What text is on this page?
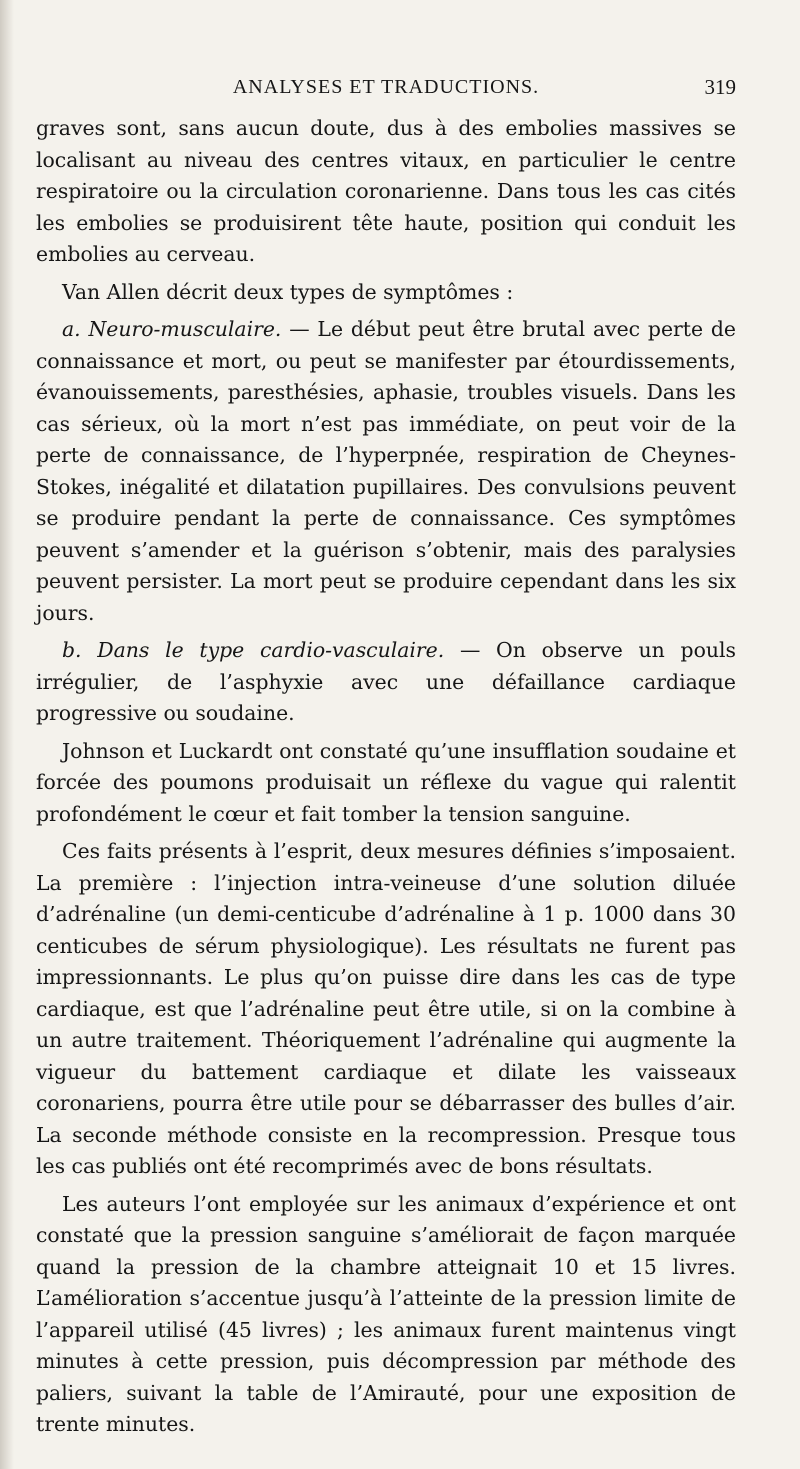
ANALYSES ET TRADUCTIONS.	319

graves sont, sans aucun doute, dus à des embolies massives se localisant au niveau des centres vitaux, en particulier le centre respiratoire ou la circulation coronarienne. Dans tous les cas cités les embolies se produisirent tête haute, position qui conduit les embolies au cerveau.

Van Allen décrit deux types de symptômes :

a. Neuro-musculaire. — Le début peut être brutal avec perte de connaissance et mort, ou peut se manifester par étourdissements, évanouissements, paresthésies, aphasie, troubles visuels. Dans les cas sérieux, où la mort n’est pas immédiate, on peut voir de la perte de connaissance, de l’hyperpnée, respiration de Cheynes-Stokes, inégalité et dilatation pupillaires. Des convulsions peuvent se produire pendant la perte de connaissance. Ces symptômes peuvent s’amender et la guérison s’obtenir, mais des paralysies peuvent persister. La mort peut se produire cependant dans les six jours.

b. Dans le type cardio-vasculaire. — On observe un pouls irrégulier, de l’asphyxie avec une défaillance cardiaque progressive ou soudaine.

Johnson et Luckardt ont constaté qu’une insufflation soudaine et forcée des poumons produisait un réflexe du vague qui ralentit profondément le cœur et fait tomber la tension sanguine.

Ces faits présents à l’esprit, deux mesures définies s’imposaient. La première : l’injection intra-veineuse d’une solution diluée d’adrénaline (un demi-centicube d’adrénaline à 1 p. 1000 dans 30 centicubes de sérum physiologique). Les résultats ne furent pas impressionnants. Le plus qu’on puisse dire dans les cas de type cardiaque, est que l’adrénaline peut être utile, si on la combine à un autre traitement. Théoriquement l’adrénaline qui augmente la vigueur du battement cardiaque et dilate les vaisseaux coronariens, pourra être utile pour se débarrasser des bulles d’air. La seconde méthode consiste en la recompression. Presque tous les cas publiés ont été recomprimés avec de bons résultats.

Les auteurs l’ont employée sur les animaux d’expérience et ont constaté que la pression sanguine s’améliorait de façon marquée quand la pression de la chambre atteignait 10 et 15 livres. L’amélioration s’accentue jusqu’à l’atteinte de la pression limite de l’appareil utilisé (45 livres) ; les animaux furent maintenus vingt minutes à cette pression, puis décompression par méthode des paliers, suivant la table de l’Amirauté, pour une exposition de trente minutes.
